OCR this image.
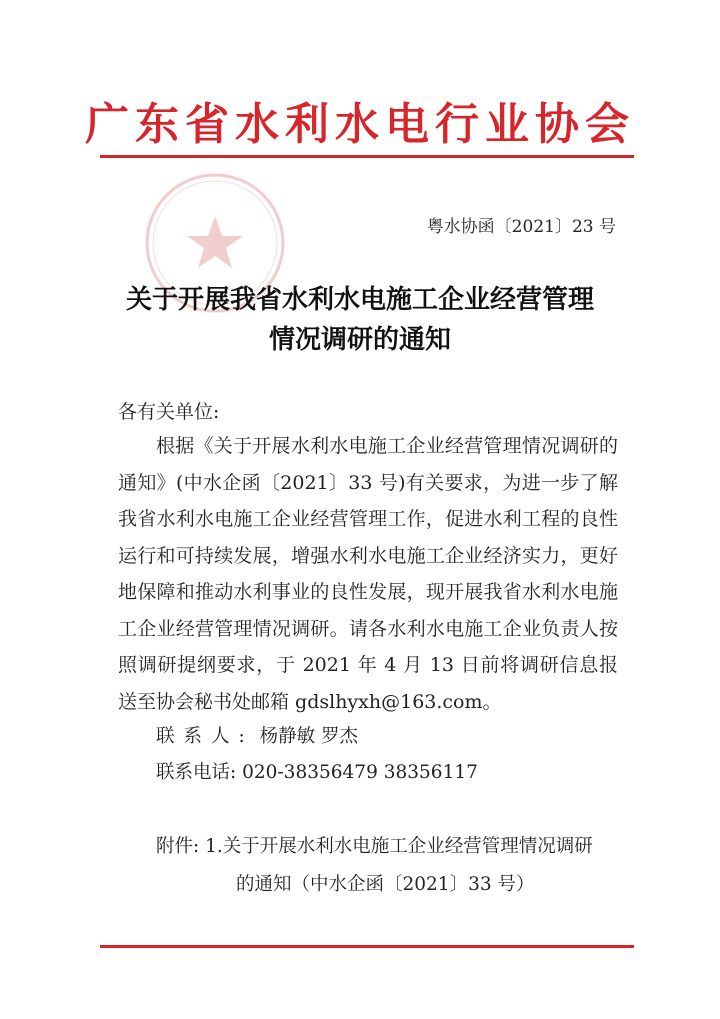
广东省水利水电行业协会
粤水协函〔2021〕23 号
关于开展我省水利水电施工企业经营管理
情况调研的通知
各有关单位:
根据《关于开展水利水电施工企业经营管理情况调研的通知》(中水企函〔2021〕33 号)有关要求，为进一步了解我省水利水电施工企业经营管理工作，促进水利工程的良性运行和可持续发展，增强水利水电施工企业经济实力，更好地保障和推动水利事业的良性发展，现开展我省水利水电施工企业经营管理情况调研。请各水利水电施工企业负责人按照调研提纲要求，于 2021 年 4 月 13 日前将调研信息报送至协会秘书处邮箱 gdslhyxh@163.com。
联系人: 杨静敏 罗杰
联系电话: 020-38356479 38356117
附件: 1.关于开展水利水电施工企业经营管理情况调研
的通知（中水企函〔2021〕33 号）
